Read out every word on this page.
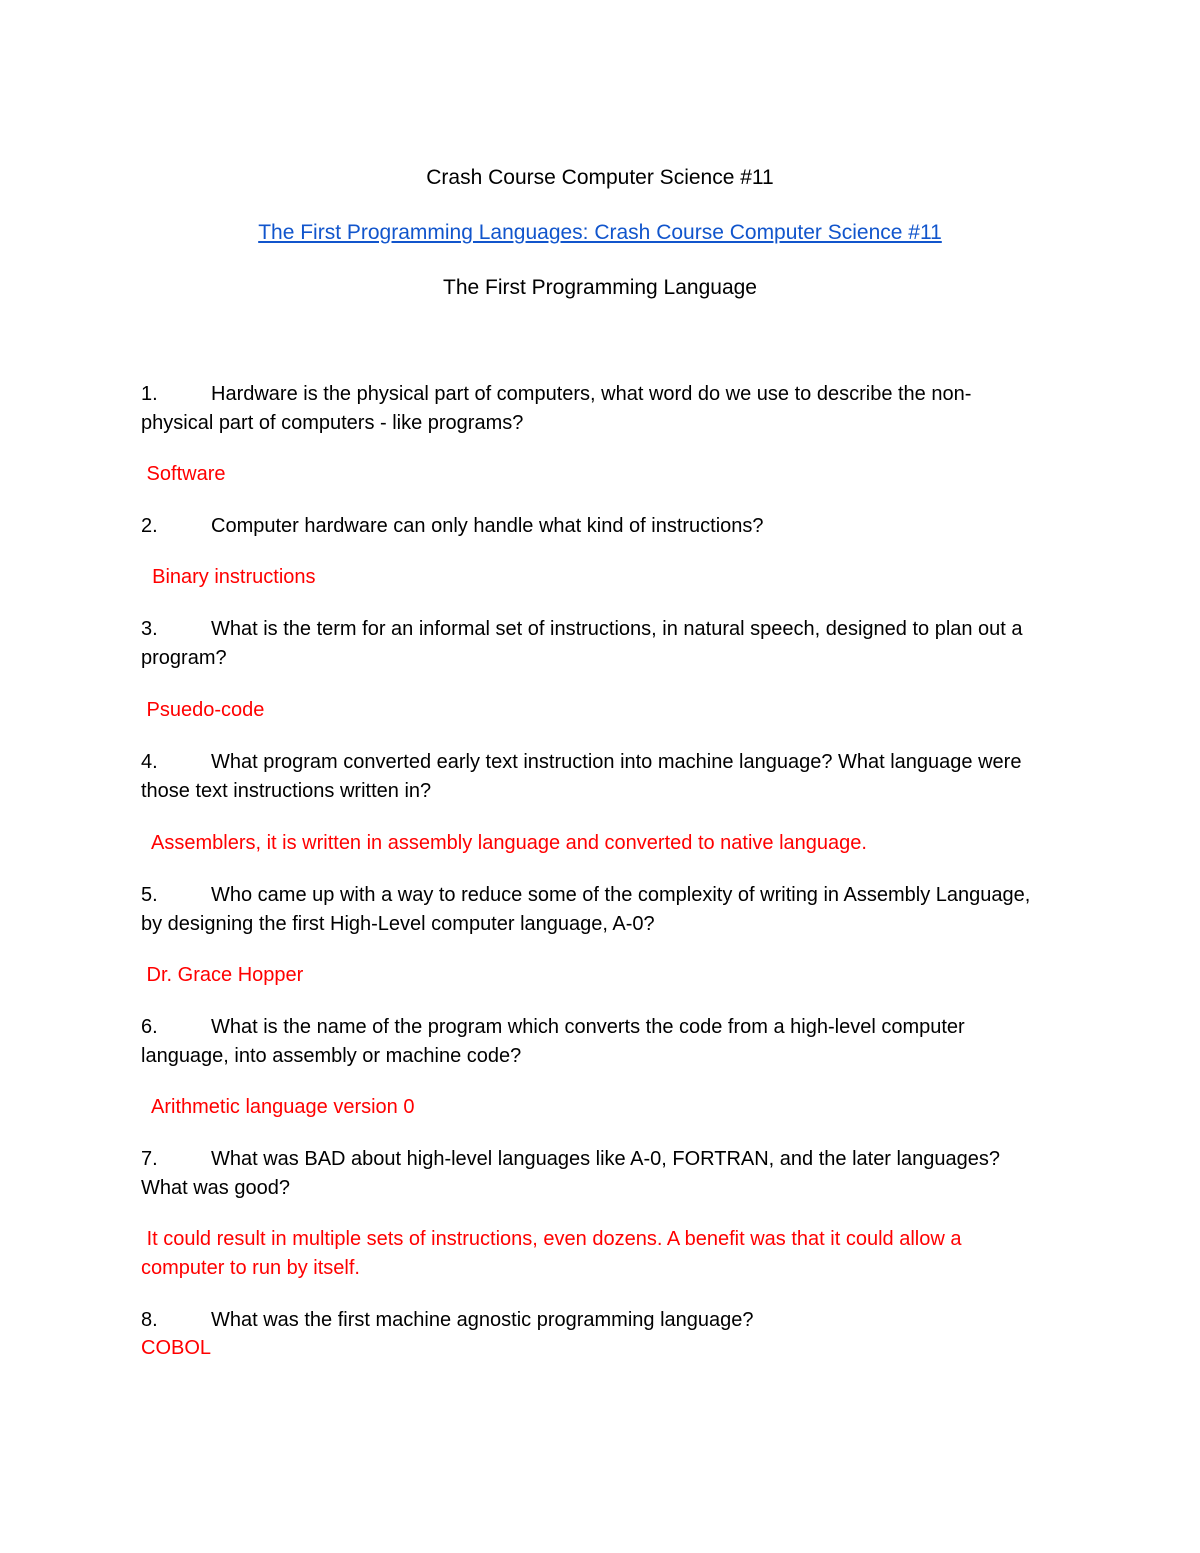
Crash Course Computer Science #11
The First Programming Languages: Crash Course Computer Science #11
The First Programming Language
1.	Hardware is the physical part of computers, what word do we use to describe the non-physical part of computers - like programs?
Software
2.	Computer hardware can only handle what kind of instructions?
Binary instructions
3.	What is the term for an informal set of instructions, in natural speech, designed to plan out a program?
Psuedo-code
4.	What program converted early text instruction into machine language? What language were those text instructions written in?
Assemblers, it is written in assembly language and converted to native language.
5.	Who came up with a way to reduce some of the complexity of writing in Assembly Language, by designing the first High-Level computer language, A-0?
Dr. Grace Hopper
6.	What is the name of the program which converts the code from a high-level computer language, into assembly or machine code?
Arithmetic language version 0
7.	What was BAD about high-level languages like A-0, FORTRAN, and the later languages? What was good?
It could result in multiple sets of instructions, even dozens. A benefit was that it could allow a computer to run by itself.
8.	What was the first machine agnostic programming language?
COBOL
